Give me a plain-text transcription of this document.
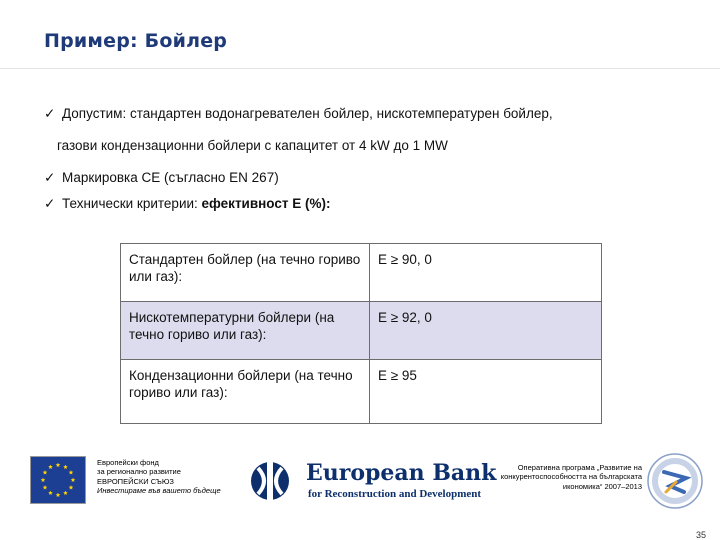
Пример: Бойлер
✓ Допустим: стандартен водонагревателен бойлер, нискотемпературен бойлер,
газови кондензационни бойлери с капацитет от 4 kW до 1 MW
✓ Маркировка CE (съгласно EN 267)
✓ Технически критерии: ефективност E (%):
Стандартен бойлер (на течно гориво или газ):	E ≥ 90, 0
Нискотемпературни бойлери (на течно гориво или газ):	E ≥ 92, 0
Кондензационни бойлери (на течно гориво или газ):	E ≥ 95
Европейски фонд
за регионално развитие
ЕВРОПЕЙСКИ СЪЮЗ
Инвестираме във вашето бъдеще
European Bank
for Reconstruction and Development
Оперативна програма „Развитие на
конкурентоспособността на българската
икономика“ 2007–2013
35
